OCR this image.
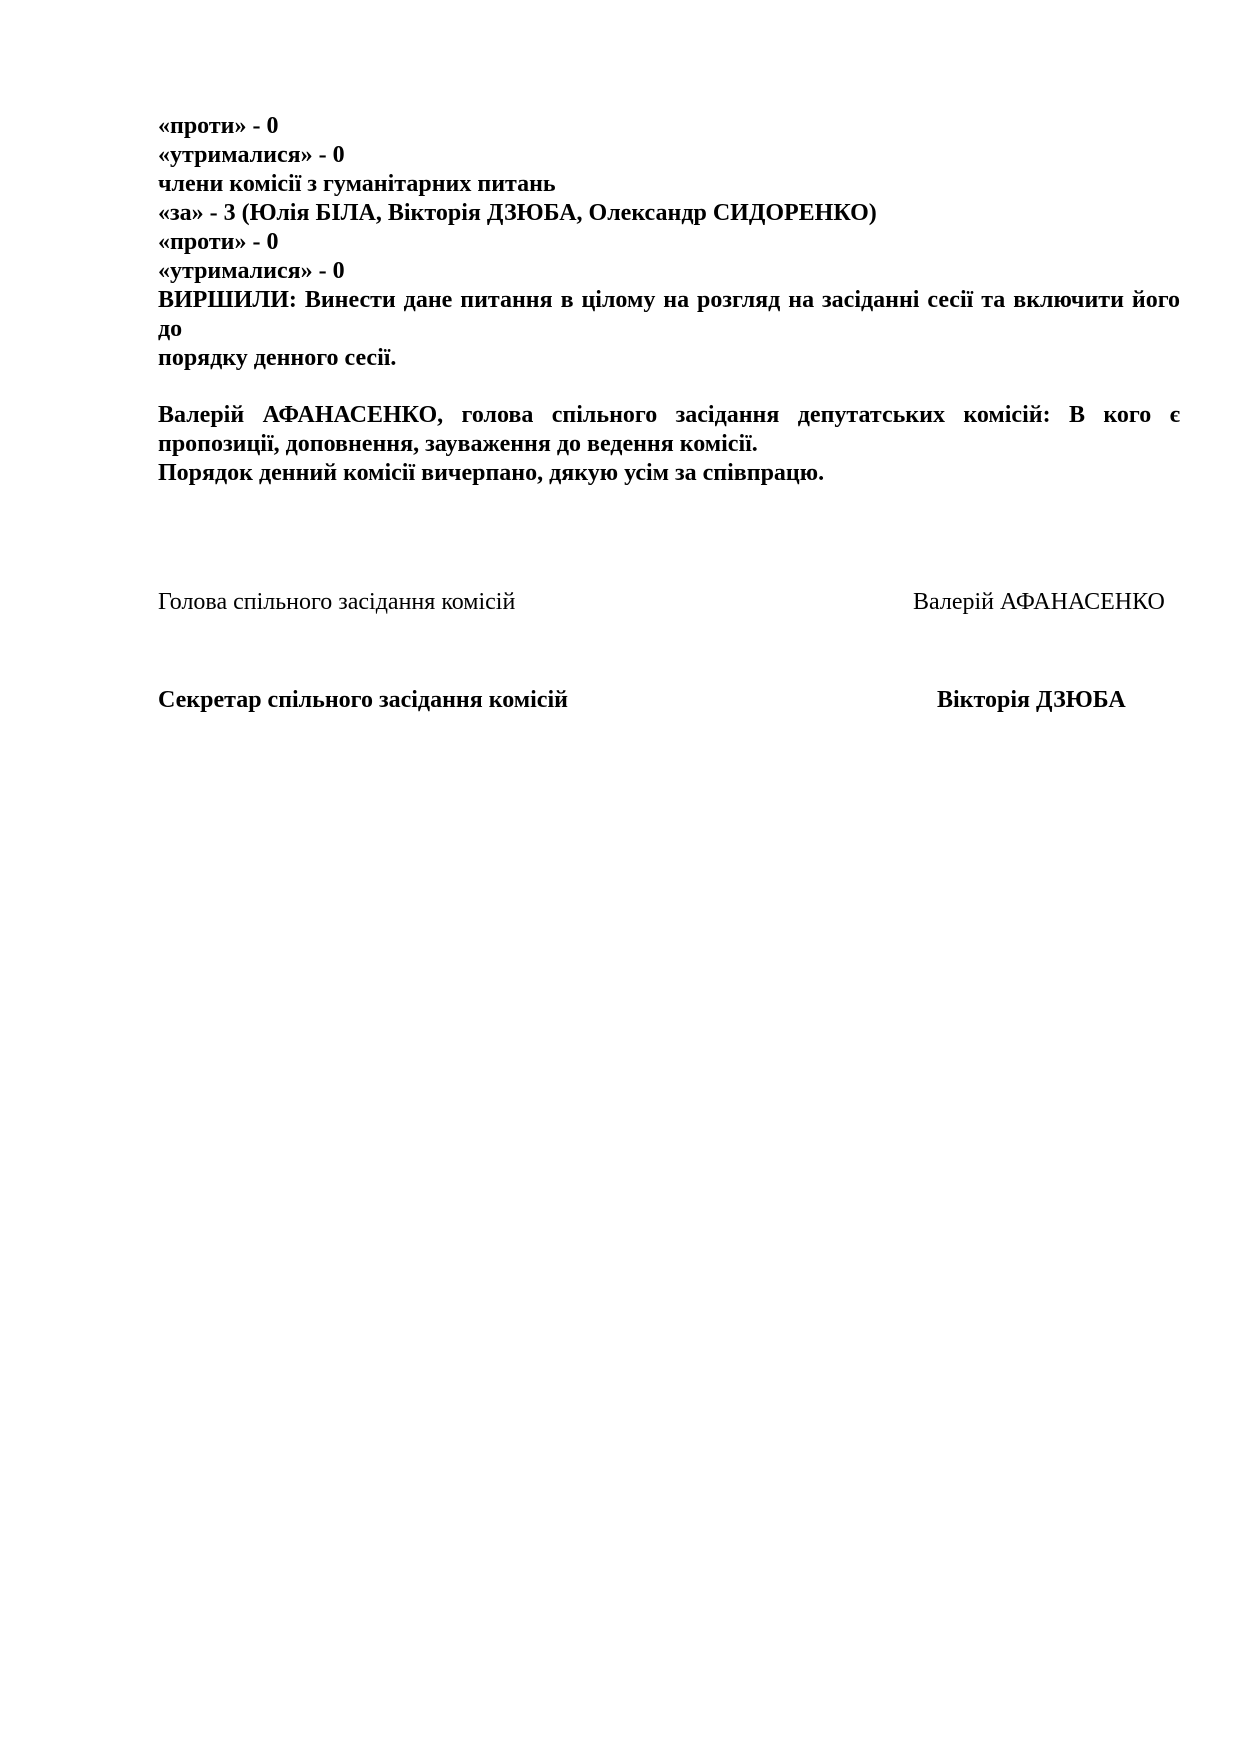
«проти» - 0
«утрималися» - 0
члени комісії з гуманітарних питань
«за» - 3 (Юлія БІЛА, Вікторія ДЗЮБА, Олександр СИДОРЕНКО)
«проти» - 0
«утрималися» - 0
ВИРШИЛИ: Винести дане питання в цілому на розгляд на засіданні сесії та включити його до
порядку денного сесії.
Валерій АФАНАСЕНКО, голова спільного засідання депутатських комісій: В кого є
пропозиції, доповнення, зауваження до ведення комісії.
Порядок денний комісії вичерпано, дякую усім за співпрацю.
Голова спільного засідання комісій	Валерій АФАНАСЕНКО
Секретар спільного засідання комісій	Вікторія ДЗЮБА
